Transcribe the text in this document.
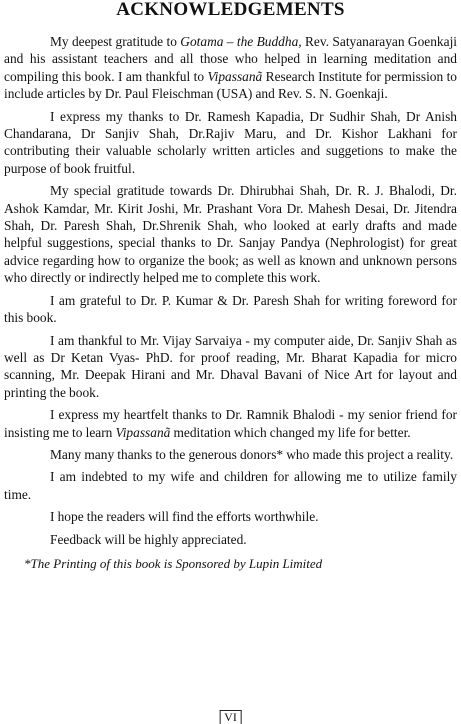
ACKNOWLEDGEMENTS

My deepest gratitude to Gotama – the Buddha, Rev. Satyanarayan Goenkaji and his assistant teachers and all those who helped in learning meditation and compiling this book. I am thankful to Vipassanã Research Institute for permission to include articles by Dr. Paul Fleischman (USA) and Rev. S. N. Goenkaji.

I express my thanks to Dr. Ramesh Kapadia, Dr Sudhir Shah, Dr Anish Chandarana, Dr Sanjiv Shah, Dr.Rajiv Maru, and Dr. Kishor Lakhani for contributing their valuable scholarly written articles and suggetions to make the purpose of book fruitful.

My special gratitude towards Dr. Dhirubhai Shah, Dr. R. J. Bhalodi, Dr. Ashok Kamdar, Mr. Kirit Joshi, Mr. Prashant Vora Dr. Mahesh Desai, Dr. Jitendra Shah, Dr. Paresh Shah, Dr.Shrenik Shah, who looked at early drafts and made helpful suggestions, special thanks to Dr. Sanjay Pandya (Nephrologist) for great advice regarding how to organize the book; as well as known and unknown persons who directly or indirectly helped me to complete this work.

I am grateful to Dr. P. Kumar & Dr. Paresh Shah for writing foreword for this book.

I am thankful to Mr. Vijay Sarvaiya - my computer aide, Dr. Sanjiv Shah as well as Dr Ketan Vyas- PhD. for proof reading, Mr. Bharat Kapadia for micro scanning, Mr. Deepak Hirani and Mr. Dhaval Bavani of Nice Art for layout and printing the book.

I express my heartfelt thanks to Dr. Ramnik Bhalodi - my senior friend for insisting me to learn Vipassanã meditation which changed my life for better.

Many many thanks to the generous donors* who made this project a reality.

I am indebted to my wife and children for allowing me to utilize family time.

I hope the readers will find the efforts worthwhile.

Feedback will be highly appreciated.

*The Printing of this book is Sponsored by Lupin Limited
VI
